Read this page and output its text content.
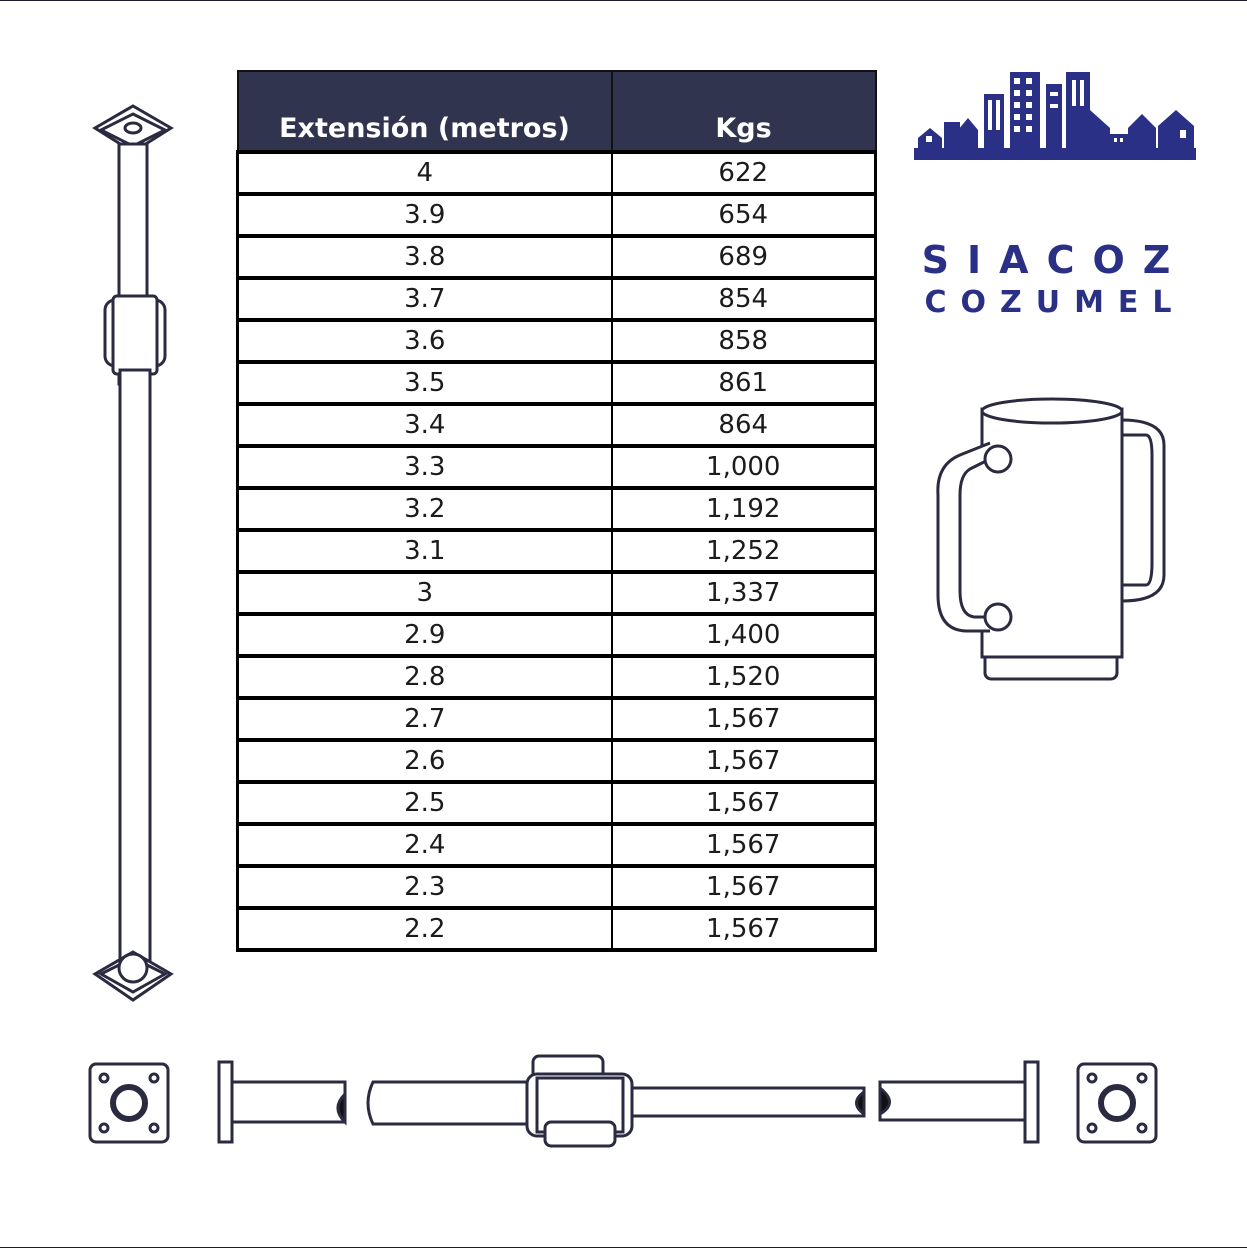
Extensión (metros)	Kgs
4	622
3.9	654
3.8	689
3.7	854
3.6	858
3.5	861
3.4	864
3.3	1,000
3.2	1,192
3.1	1,252
3	1,337
2.9	1,400
2.8	1,520
2.7	1,567
2.6	1,567
2.5	1,567
2.4	1,567
2.3	1,567
2.2	1,567
SIACOZ
COZUMEL
